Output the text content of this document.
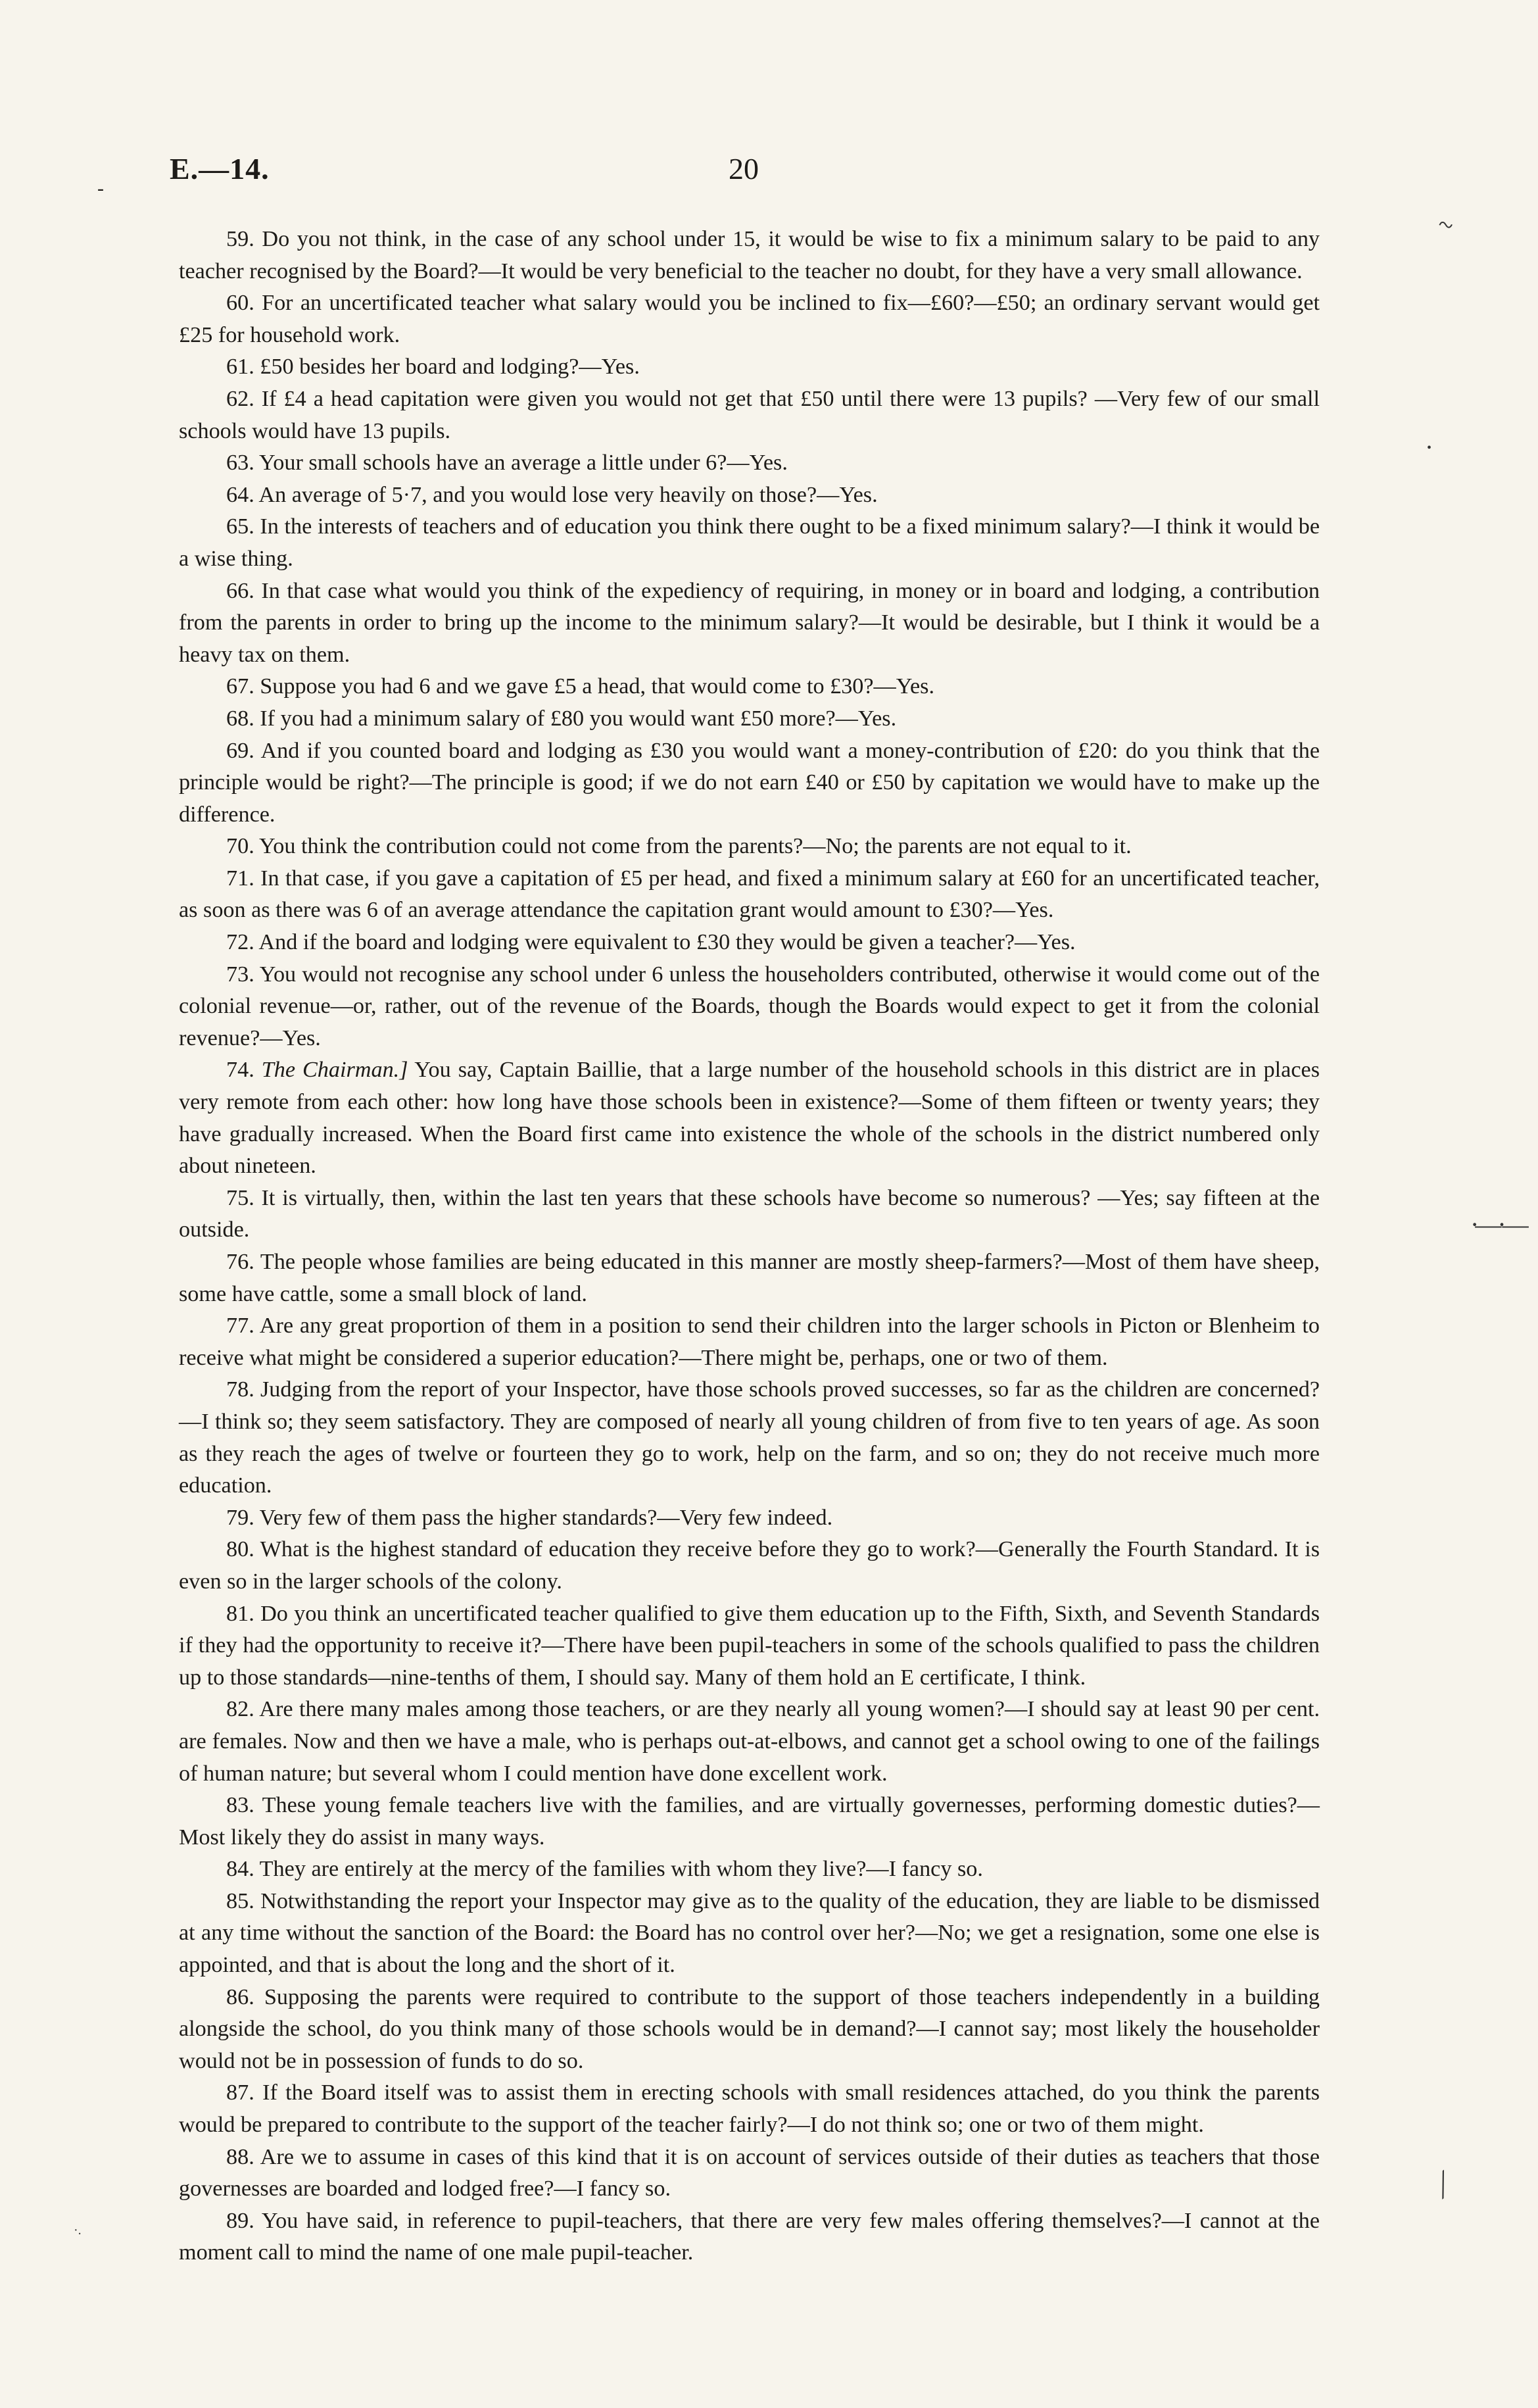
-
E.—14.	20

59. Do you not think, in the case of any school under 15, it would be wise to fix a minimum salary to be paid to any teacher recognised by the Board?—It would be very beneficial to the teacher no doubt, for they have a very small allowance.

60. For an uncertificated teacher what salary would you be inclined to fix—£60?—£50; an ordinary servant would get £25 for household work.

61. £50 besides her board and lodging?—Yes.

62. If £4 a head capitation were given you would not get that £50 until there were 13 pupils? —Very few of our small schools would have 13 pupils.

63. Your small schools have an average a little under 6?—Yes.

64. An average of 5·7, and you would lose very heavily on those?—Yes.

65. In the interests of teachers and of education you think there ought to be a fixed minimum salary?—I think it would be a wise thing.

66. In that case what would you think of the expediency of requiring, in money or in board and lodging, a contribution from the parents in order to bring up the income to the minimum salary?—It would be desirable, but I think it would be a heavy tax on them.

67. Suppose you had 6 and we gave £5 a head, that would come to £30?—Yes.

68. If you had a minimum salary of £80 you would want £50 more?—Yes.

69. And if you counted board and lodging as £30 you would want a money-contribution of £20: do you think that the principle would be right?—The principle is good; if we do not earn £40 or £50 by capitation we would have to make up the difference.

70. You think the contribution could not come from the parents?—No; the parents are not equal to it.

71. In that case, if you gave a capitation of £5 per head, and fixed a minimum salary at £60 for an uncertificated teacher, as soon as there was 6 of an average attendance the capitation grant would amount to £30?—Yes.

72. And if the board and lodging were equivalent to £30 they would be given a teacher?—Yes.

73. You would not recognise any school under 6 unless the householders contributed, otherwise it would come out of the colonial revenue—or, rather, out of the revenue of the Boards, though the Boards would expect to get it from the colonial revenue?—Yes.

74. The Chairman.] You say, Captain Baillie, that a large number of the household schools in this district are in places very remote from each other: how long have those schools been in existence?—Some of them fifteen or twenty years; they have gradually increased. When the Board first came into existence the whole of the schools in the district numbered only about nineteen.

75. It is virtually, then, within the last ten years that these schools have become so numerous? —Yes; say fifteen at the outside.

76. The people whose families are being educated in this manner are mostly sheep-farmers?—Most of them have sheep, some have cattle, some a small block of land.

77. Are any great proportion of them in a position to send their children into the larger schools in Picton or Blenheim to receive what might be considered a superior education?—There might be, perhaps, one or two of them.

78. Judging from the report of your Inspector, have those schools proved successes, so far as the children are concerned?—I think so; they seem satisfactory. They are composed of nearly all young children of from five to ten years of age. As soon as they reach the ages of twelve or fourteen they go to work, help on the farm, and so on; they do not receive much more education.

79. Very few of them pass the higher standards?—Very few indeed.

80. What is the highest standard of education they receive before they go to work?—Generally the Fourth Standard. It is even so in the larger schools of the colony.

81. Do you think an uncertificated teacher qualified to give them education up to the Fifth, Sixth, and Seventh Standards if they had the opportunity to receive it?—There have been pupil-teachers in some of the schools qualified to pass the children up to those standards—nine-tenths of them, I should say. Many of them hold an E certificate, I think.

82. Are there many males among those teachers, or are they nearly all young women?—I should say at least 90 per cent. are females. Now and then we have a male, who is perhaps out-at-elbows, and cannot get a school owing to one of the failings of human nature; but several whom I could mention have done excellent work.

83. These young female teachers live with the families, and are virtually governesses, performing domestic duties?—Most likely they do assist in many ways.

84. They are entirely at the mercy of the families with whom they live?—I fancy so.

85. Notwithstanding the report your Inspector may give as to the quality of the education, they are liable to be dismissed at any time without the sanction of the Board: the Board has no control over her?—No; we get a resignation, some one else is appointed, and that is about the long and the short of it.

86. Supposing the parents were required to contribute to the support of those teachers independently in a building alongside the school, do you think many of those schools would be in demand?—I cannot say; most likely the householder would not be in possession of funds to do so.

87. If the Board itself was to assist them in erecting schools with small residences attached, do you think the parents would be prepared to contribute to the support of the teacher fairly?—I do not think so; one or two of them might.

88. Are we to assume in cases of this kind that it is on account of services outside of their duties as teachers that those governesses are boarded and lodged free?—I fancy so.

89. You have said, in reference to pupil-teachers, that there are very few males offering themselves?—I cannot at the moment call to mind the name of one male pupil-teacher.

~
•
·—·—
⁄
·.
